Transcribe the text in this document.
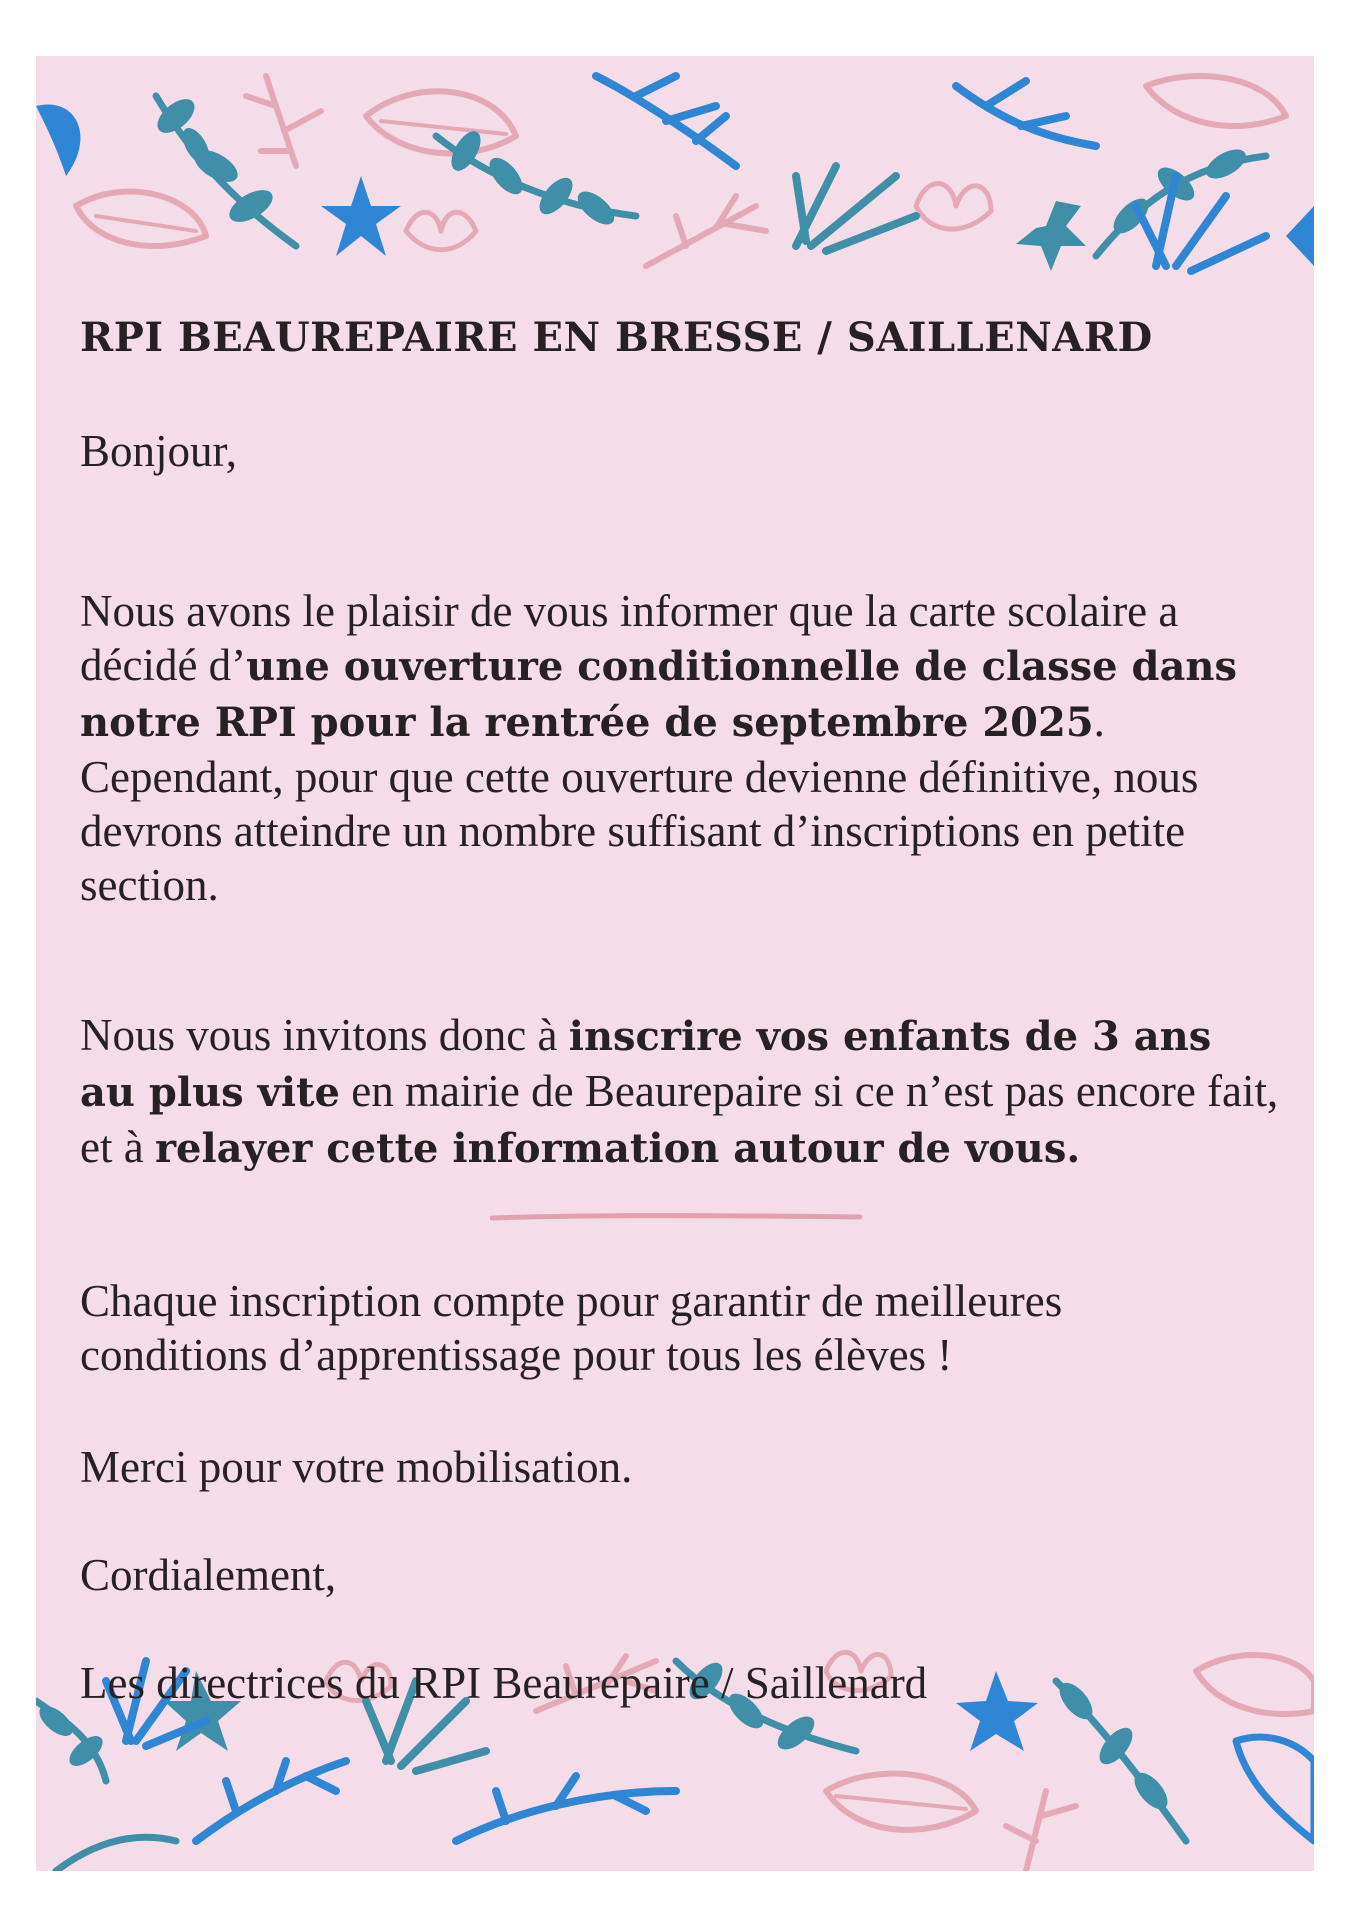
RPI BEAUREPAIRE EN BRESSE / SAILLENARD

Bonjour,

Nous avons le plaisir de vous informer que la carte scolaire a décidé d’une ouverture conditionnelle de classe dans notre RPI pour la rentrée de septembre 2025. Cependant, pour que cette ouverture devienne définitive, nous devrons atteindre un nombre suffisant d’inscriptions en petite section.

Nous vous invitons donc à inscrire vos enfants de 3 ans au plus vite en mairie de Beaurepaire si ce n’est pas encore fait, et à relayer cette information autour de vous.

Chaque inscription compte pour garantir de meilleures conditions d’apprentissage pour tous les élèves !

Merci pour votre mobilisation.

Cordialement,

Les directrices du RPI Beaurepaire / Saillenard
